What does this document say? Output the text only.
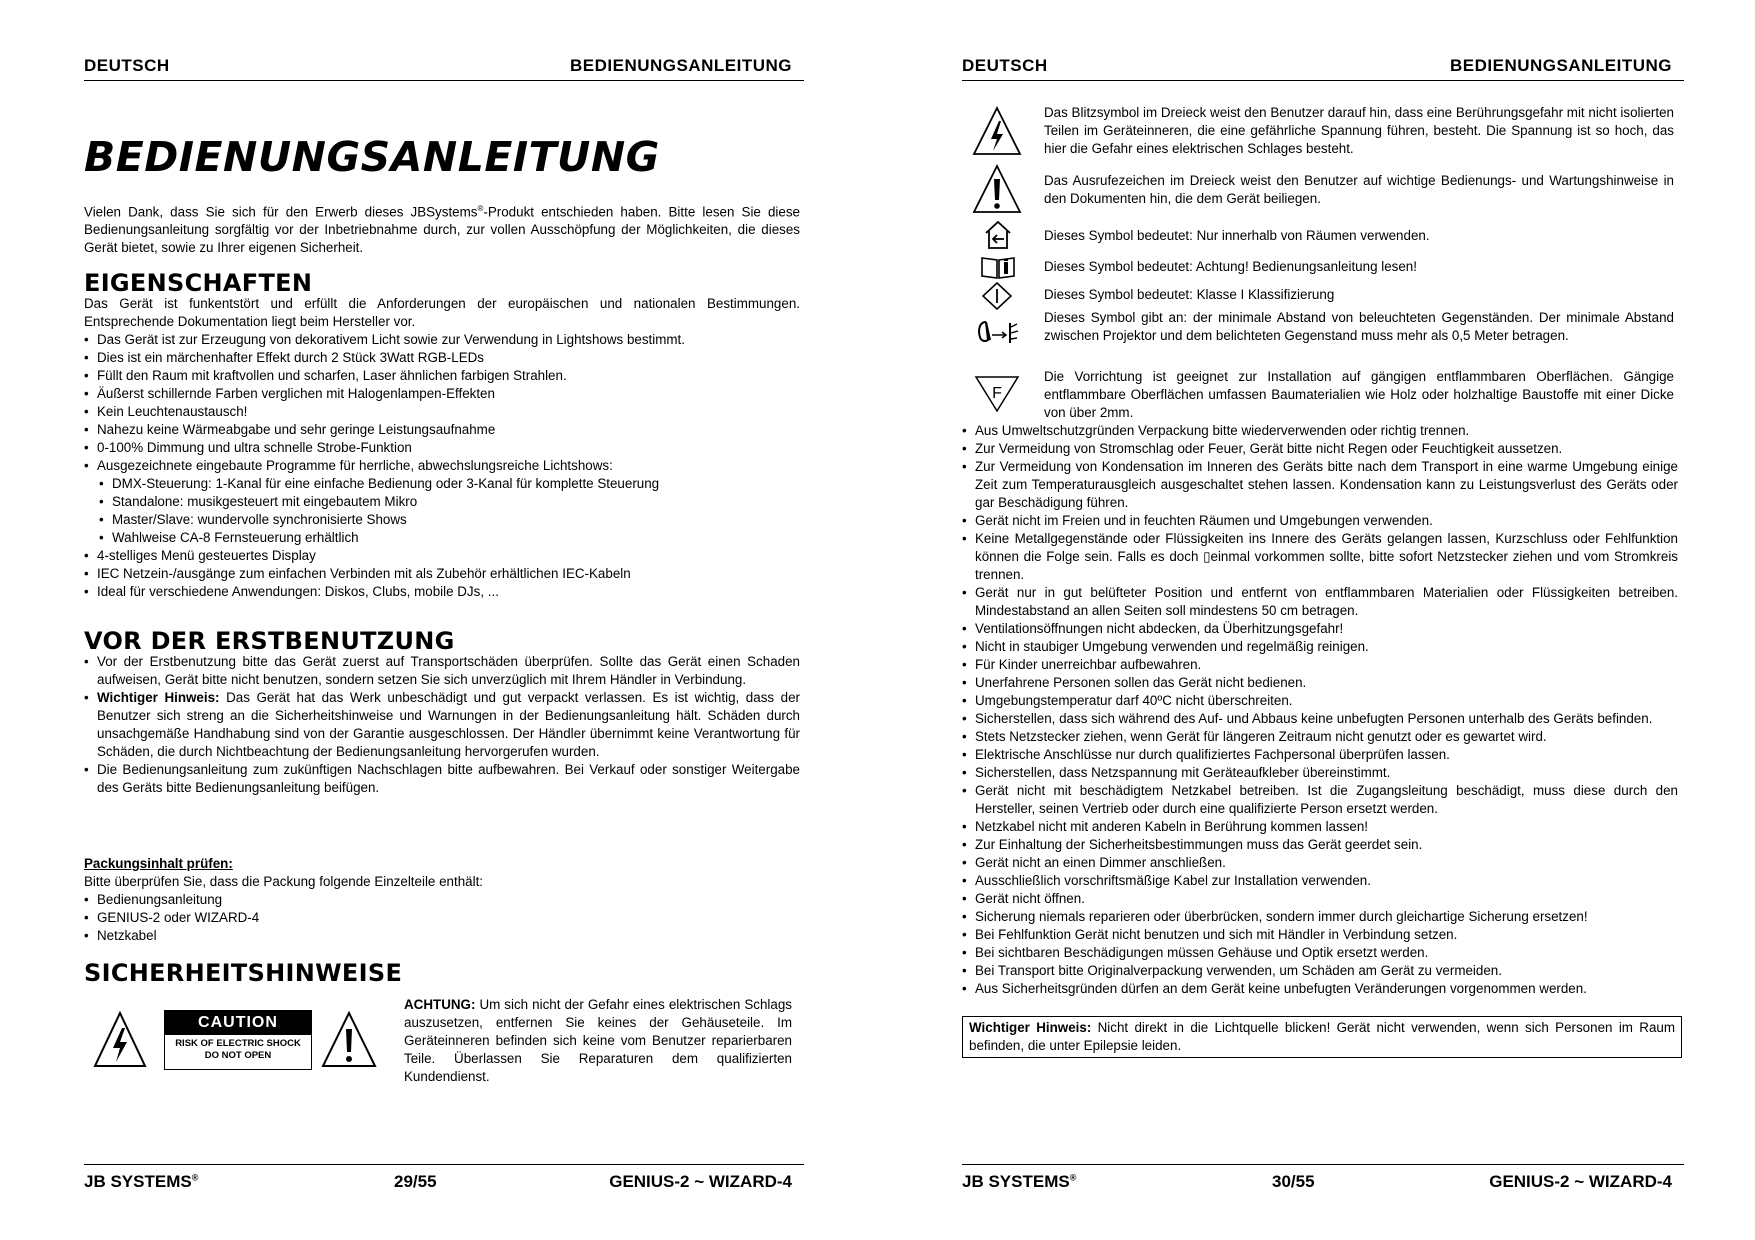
DEUTSCH	BEDIENUNGSANLEITUNG
BEDIENUNGSANLEITUNG
Vielen Dank, dass Sie sich für den Erwerb dieses JBSystems®-Produkt entschieden haben. Bitte lesen Sie diese Bedienungsanleitung sorgfältig vor der Inbetriebnahme durch, zur vollen Ausschöpfung der Möglichkeiten, die dieses Gerät bietet, sowie zu Ihrer eigenen Sicherheit.
EIGENSCHAFTEN
Das Gerät ist funkentstört und erfüllt die Anforderungen der europäischen und nationalen Bestimmungen. Entsprechende Dokumentation liegt beim Hersteller vor.
• Das Gerät ist zur Erzeugung von dekorativem Licht sowie zur Verwendung in Lightshows bestimmt.
• Dies ist ein märchenhafter Effekt durch 2 Stück 3Watt RGB-LEDs
• Füllt den Raum mit kraftvollen und scharfen, Laser ähnlichen farbigen Strahlen.
• Äußerst schillernde Farben verglichen mit Halogenlampen-Effekten
• Kein Leuchtenaustausch!
• Nahezu keine Wärmeabgabe und sehr geringe Leistungsaufnahme
• 0-100% Dimmung und ultra schnelle Strobe-Funktion
• Ausgezeichnete eingebaute Programme für herrliche, abwechslungsreiche Lichtshows:
• DMX-Steuerung: 1-Kanal für eine einfache Bedienung oder 3-Kanal für komplette Steuerung
• Standalone: musikgesteuert mit eingebautem Mikro
• Master/Slave: wundervolle synchronisierte Shows
• Wahlweise CA-8 Fernsteuerung erhältlich
• 4-stelliges Menü gesteuertes Display
• IEC Netzein-/ausgänge zum einfachen Verbinden mit als Zubehör erhältlichen IEC-Kabeln
• Ideal für verschiedene Anwendungen: Diskos, Clubs, mobile DJs, ...
VOR DER ERSTBENUTZUNG
• Vor der Erstbenutzung bitte das Gerät zuerst auf Transportschäden überprüfen. Sollte das Gerät einen Schaden aufweisen, Gerät bitte nicht benutzen, sondern setzen Sie sich unverzüglich mit Ihrem Händler in Verbindung.
• Wichtiger Hinweis: Das Gerät hat das Werk unbeschädigt und gut verpackt verlassen. Es ist wichtig, dass der Benutzer sich streng an die Sicherheitshinweise und Warnungen in der Bedienungsanleitung hält. Schäden durch unsachgemäße Handhabung sind von der Garantie ausgeschlossen. Der Händler übernimmt keine Verantwortung für Schäden, die durch Nichtbeachtung der Bedienungsanleitung hervorgerufen wurden.
• Die Bedienungsanleitung zum zukünftigen Nachschlagen bitte aufbewahren. Bei Verkauf oder sonstiger Weitergabe des Geräts bitte Bedienungsanleitung beifügen.
Packungsinhalt prüfen:
Bitte überprüfen Sie, dass die Packung folgende Einzelteile enthält:
• Bedienungsanleitung
• GENIUS-2 oder WIZARD-4
• Netzkabel
SICHERHEITSHINWEISE
CAUTION
RISK OF ELECTRIC SHOCK
DO NOT OPEN
ACHTUNG: Um sich nicht der Gefahr eines elektrischen Schlags auszusetzen, entfernen Sie keines der Gehäuseteile. Im Geräteinneren befinden sich keine vom Benutzer reparierbaren Teile. Überlassen Sie Reparaturen dem qualifizierten Kundendienst.
JB SYSTEMS®	29/55	GENIUS-2 ~ WIZARD-4
DEUTSCH	BEDIENUNGSANLEITUNG
Das Blitzsymbol im Dreieck weist den Benutzer darauf hin, dass eine Berührungsgefahr mit nicht isolierten Teilen im Geräteinneren, die eine gefährliche Spannung führen, besteht. Die Spannung ist so hoch, das hier die Gefahr eines elektrischen Schlages besteht.
Das Ausrufezeichen im Dreieck weist den Benutzer auf wichtige Bedienungs- und Wartungshinweise in den Dokumenten hin, die dem Gerät beiliegen.
Dieses Symbol bedeutet: Nur innerhalb von Räumen verwenden.
Dieses Symbol bedeutet: Achtung! Bedienungsanleitung lesen!
Dieses Symbol bedeutet: Klasse I Klassifizierung
Dieses Symbol gibt an: der minimale Abstand von beleuchteten Gegenständen. Der minimale Abstand zwischen Projektor und dem belichteten Gegenstand muss mehr als 0,5 Meter betragen.
F
Die Vorrichtung ist geeignet zur Installation auf gängigen entflammbaren Oberflächen. Gängige entflammbare Oberflächen umfassen Baumaterialien wie Holz oder holzhaltige Baustoffe mit einer Dicke von über 2mm.
• Aus Umweltschutzgründen Verpackung bitte wiederverwenden oder richtig trennen.
• Zur Vermeidung von Stromschlag oder Feuer, Gerät bitte nicht Regen oder Feuchtigkeit aussetzen.
• Zur Vermeidung von Kondensation im Inneren des Geräts bitte nach dem Transport in eine warme Umgebung einige Zeit zum Temperaturausgleich ausgeschaltet stehen lassen. Kondensation kann zu Leistungsverlust des Geräts oder gar Beschädigung führen.
• Gerät nicht im Freien und in feuchten Räumen und Umgebungen verwenden.
• Keine Metallgegenstände oder Flüssigkeiten ins Innere des Geräts gelangen lassen, Kurzschluss oder Fehlfunktion können die Folge sein. Falls es doch ▯einmal vorkommen sollte, bitte sofort Netzstecker ziehen und vom Stromkreis trennen.
• Gerät nur in gut belüfteter Position und entfernt von entflammbaren Materialien oder Flüssigkeiten betreiben. Mindestabstand an allen Seiten soll mindestens 50 cm betragen.
• Ventilationsöffnungen nicht abdecken, da Überhitzungsgefahr!
• Nicht in staubiger Umgebung verwenden und regelmäßig reinigen.
• Für Kinder unerreichbar aufbewahren.
• Unerfahrene Personen sollen das Gerät nicht bedienen.
• Umgebungstemperatur darf 40ºC nicht überschreiten.
• Sicherstellen, dass sich während des Auf- und Abbaus keine unbefugten Personen unterhalb des Geräts befinden.
• Stets Netzstecker ziehen, wenn Gerät für längeren Zeitraum nicht genutzt oder es gewartet wird.
• Elektrische Anschlüsse nur durch qualifiziertes Fachpersonal überprüfen lassen.
• Sicherstellen, dass Netzspannung mit Geräteaufkleber übereinstimmt.
• Gerät nicht mit beschädigtem Netzkabel betreiben. Ist die Zugangsleitung beschädigt, muss diese durch den Hersteller, seinen Vertrieb oder durch eine qualifizierte Person ersetzt werden.
• Netzkabel nicht mit anderen Kabeln in Berührung kommen lassen!
• Zur Einhaltung der Sicherheitsbestimmungen muss das Gerät geerdet sein.
• Gerät nicht an einen Dimmer anschließen.
• Ausschließlich vorschriftsmäßige Kabel zur Installation verwenden.
• Gerät nicht öffnen.
• Sicherung niemals reparieren oder überbrücken, sondern immer durch gleichartige Sicherung ersetzen!
• Bei Fehlfunktion Gerät nicht benutzen und sich mit Händler in Verbindung setzen.
• Bei sichtbaren Beschädigungen müssen Gehäuse und Optik ersetzt werden.
• Bei Transport bitte Originalverpackung verwenden, um Schäden am Gerät zu vermeiden.
• Aus Sicherheitsgründen dürfen an dem Gerät keine unbefugten Veränderungen vorgenommen werden.
Wichtiger Hinweis: Nicht direkt in die Lichtquelle blicken! Gerät nicht verwenden, wenn sich Personen im Raum befinden, die unter Epilepsie leiden.
JB SYSTEMS®	30/55	GENIUS-2 ~ WIZARD-4
